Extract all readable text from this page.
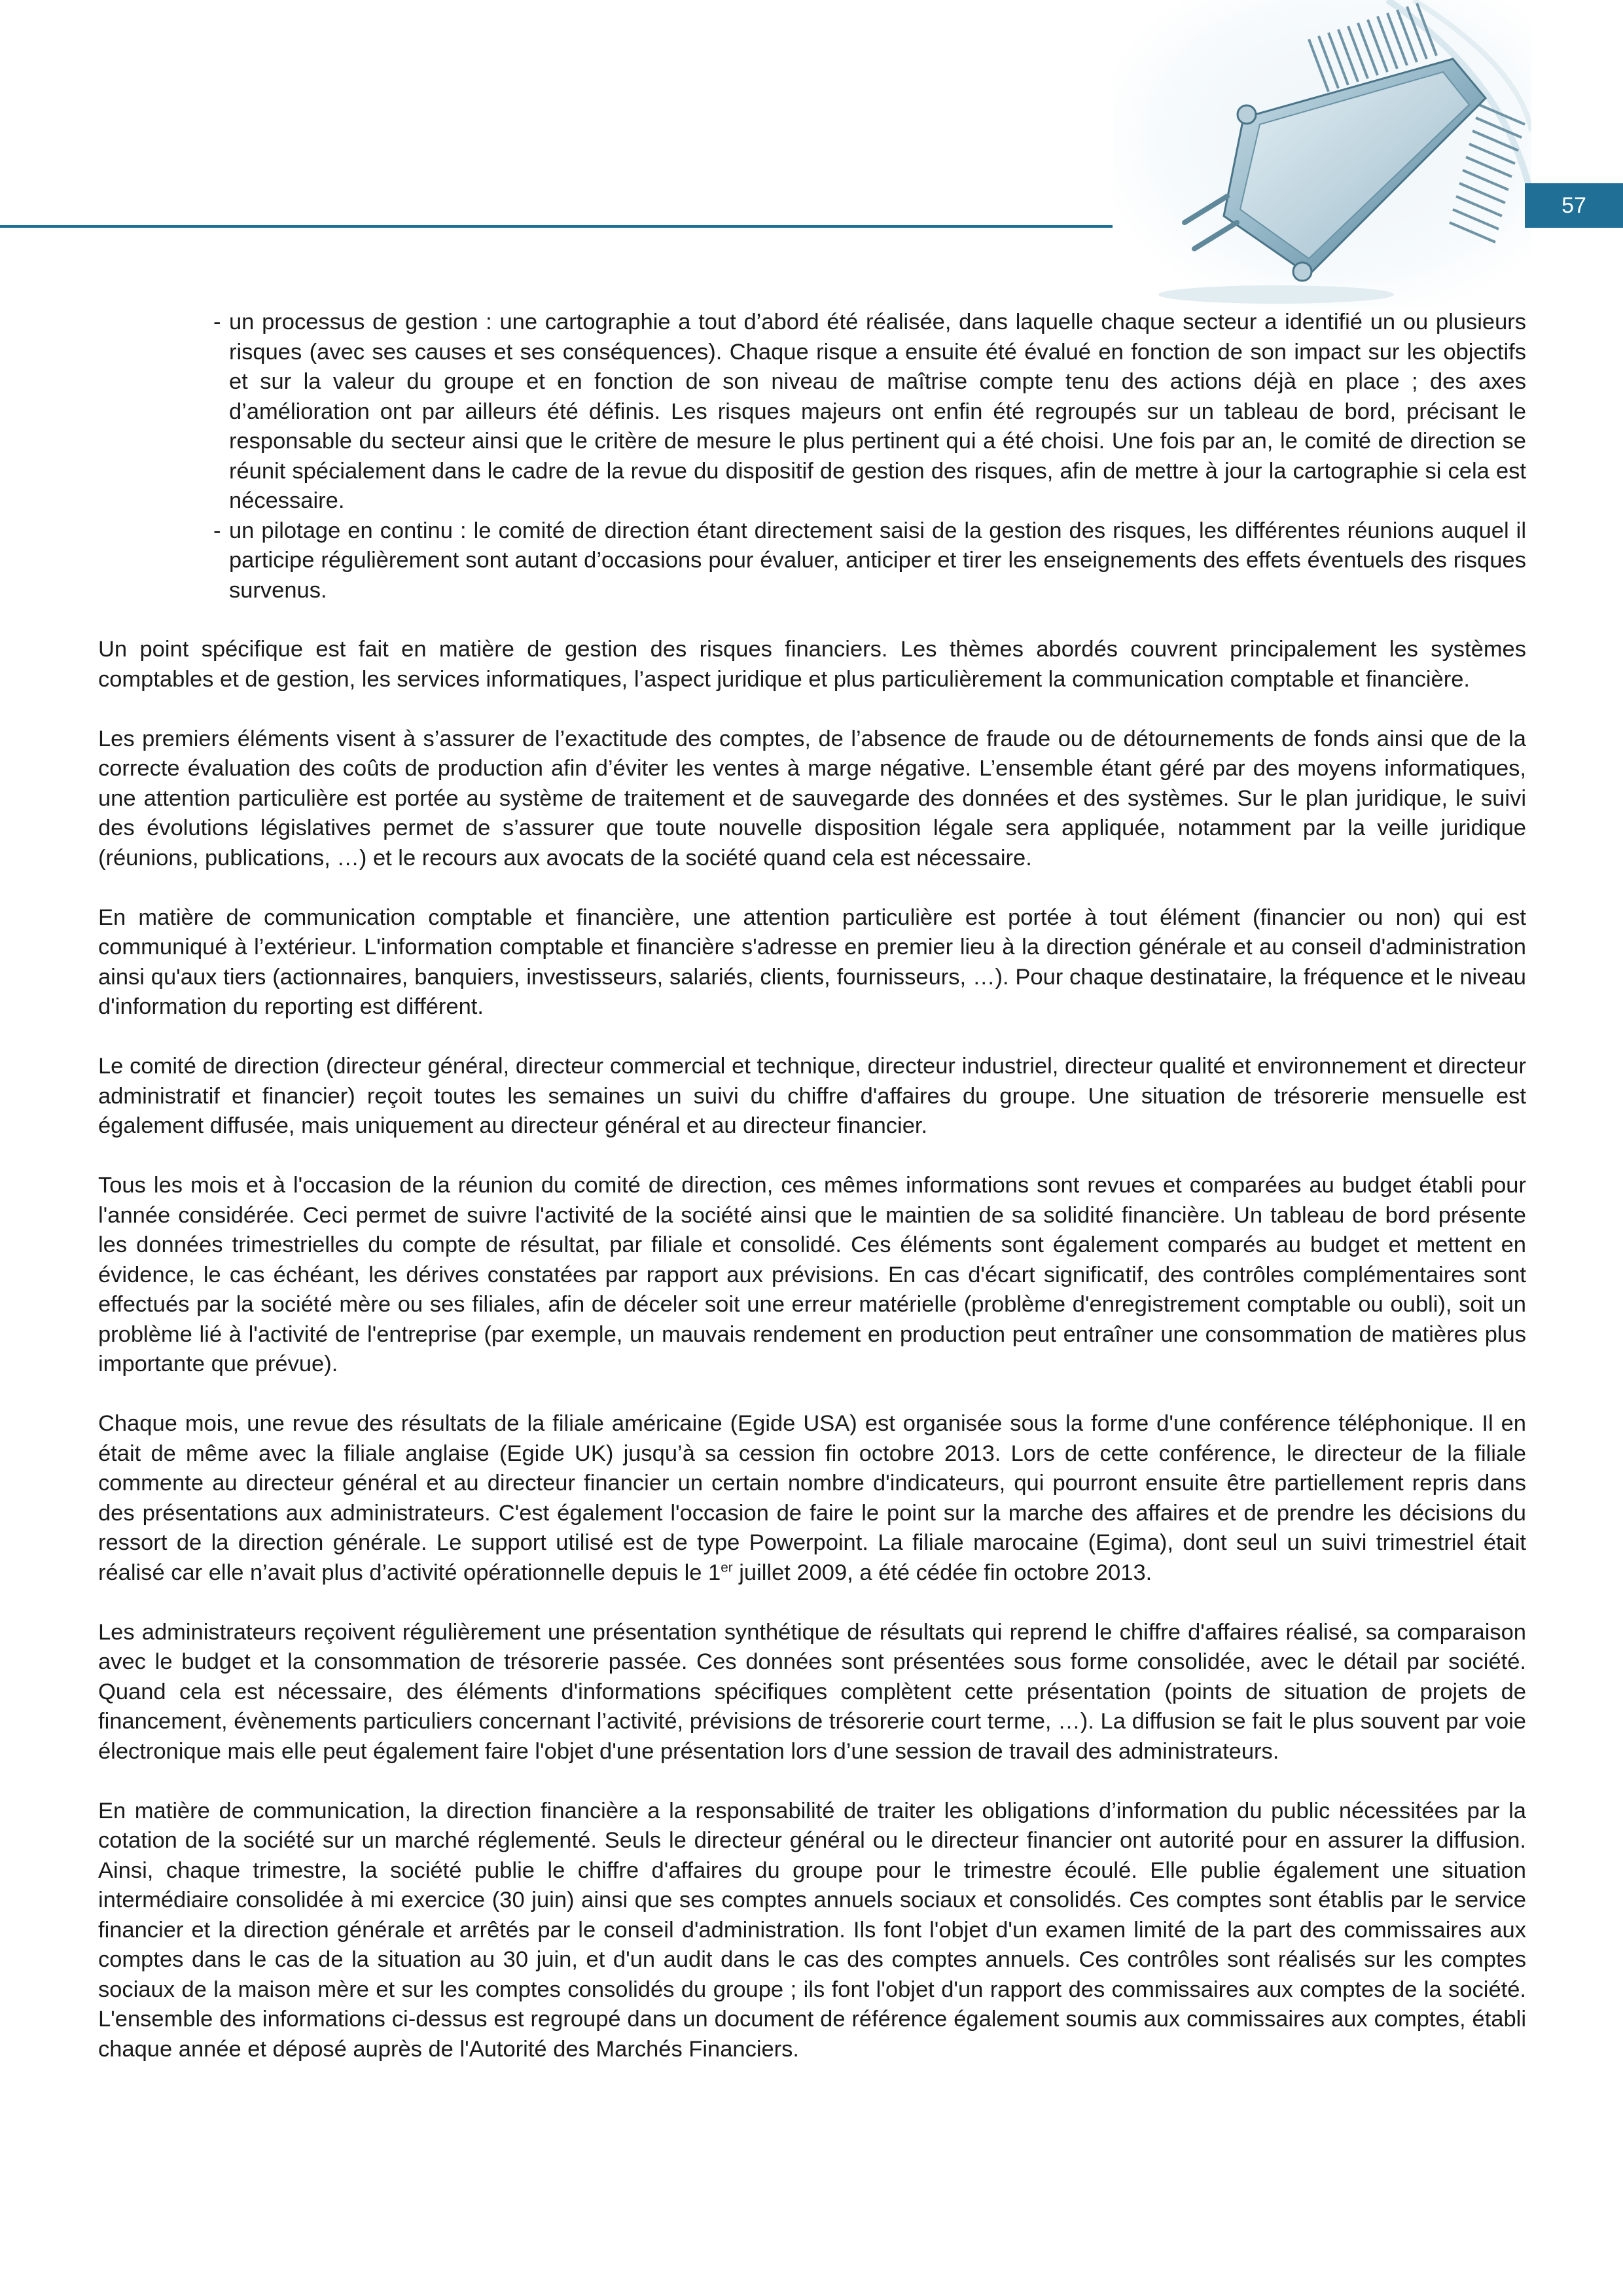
57
- un processus de gestion : une cartographie a tout d’abord été réalisée, dans laquelle chaque secteur a identifié un ou plusieurs risques (avec ses causes et ses conséquences). Chaque risque a ensuite été évalué en fonction de son impact sur les objectifs et sur la valeur du groupe et en fonction de son niveau de maîtrise compte tenu des actions déjà en place ; des axes d’amélioration ont par ailleurs été définis. Les risques majeurs ont enfin été regroupés sur un tableau de bord, précisant le responsable du secteur ainsi que le critère de mesure le plus pertinent qui a été choisi. Une fois par an, le comité de direction se réunit spécialement dans le cadre de la revue du dispositif de gestion des risques, afin de mettre à jour la cartographie si cela est nécessaire.
- un pilotage en continu : le comité de direction étant directement saisi de la gestion des risques, les différentes réunions auquel il participe régulièrement sont autant d’occasions pour évaluer, anticiper et tirer les enseignements des effets éventuels des risques survenus.

Un point spécifique est fait en matière de gestion des risques financiers. Les thèmes abordés couvrent principalement les systèmes comptables et de gestion, les services informatiques, l’aspect juridique et plus particulièrement la communication comptable et financière.

Les premiers éléments visent à s’assurer de l’exactitude des comptes, de l’absence de fraude ou de détournements de fonds ainsi que de la correcte évaluation des coûts de production afin d’éviter les ventes à marge négative. L’ensemble étant géré par des moyens informatiques, une attention particulière est portée au système de traitement et de sauvegarde des données et des systèmes. Sur le plan juridique, le suivi des évolutions législatives permet de s’assurer que toute nouvelle disposition légale sera appliquée, notamment par la veille juridique (réunions, publications, …) et le recours aux avocats de la société quand cela est nécessaire.

En matière de communication comptable et financière, une attention particulière est portée à tout élément (financier ou non) qui est communiqué à l’extérieur. L'information comptable et financière s'adresse en premier lieu à la direction générale et au conseil d'administration ainsi qu'aux tiers (actionnaires, banquiers, investisseurs, salariés, clients, fournisseurs, …). Pour chaque destinataire, la fréquence et le niveau d'information du reporting est différent.

Le comité de direction (directeur général, directeur commercial et technique, directeur industriel, directeur qualité et environnement et directeur administratif et financier) reçoit toutes les semaines un suivi du chiffre d'affaires du groupe. Une situation de trésorerie mensuelle est également diffusée, mais uniquement au directeur général et au directeur financier.

Tous les mois et à l'occasion de la réunion du comité de direction, ces mêmes informations sont revues et comparées au budget établi pour l'année considérée. Ceci permet de suivre l'activité de la société ainsi que le maintien de sa solidité financière. Un tableau de bord présente les données trimestrielles du compte de résultat, par filiale et consolidé. Ces éléments sont également comparés au budget et mettent en évidence, le cas échéant, les dérives constatées par rapport aux prévisions. En cas d'écart significatif, des contrôles complémentaires sont effectués par la société mère ou ses filiales, afin de déceler soit une erreur matérielle (problème d'enregistrement comptable ou oubli), soit un problème lié à l'activité de l'entreprise (par exemple, un mauvais rendement en production peut entraîner une consommation de matières plus importante que prévue).

Chaque mois, une revue des résultats de la filiale américaine (Egide USA) est organisée sous la forme d'une conférence téléphonique. Il en était de même avec la filiale anglaise (Egide UK) jusqu’à sa cession fin octobre 2013. Lors de cette conférence, le directeur de la filiale commente au directeur général et au directeur financier un certain nombre d'indicateurs, qui pourront ensuite être partiellement repris dans des présentations aux administrateurs. C'est également l'occasion de faire le point sur la marche des affaires et de prendre les décisions du ressort de la direction générale. Le support utilisé est de type Powerpoint. La filiale marocaine (Egima), dont seul un suivi trimestriel était réalisé car elle n’avait plus d’activité opérationnelle depuis le 1er juillet 2009, a été cédée fin octobre 2013.

Les administrateurs reçoivent régulièrement une présentation synthétique de résultats qui reprend le chiffre d'affaires réalisé, sa comparaison avec le budget et la consommation de trésorerie passée. Ces données sont présentées sous forme consolidée, avec le détail par société. Quand cela est nécessaire, des éléments d'informations spécifiques complètent cette présentation (points de situation de projets de financement, évènements particuliers concernant l’activité, prévisions de trésorerie court terme, …). La diffusion se fait le plus souvent par voie électronique mais elle peut également faire l'objet d'une présentation lors d’une session de travail des administrateurs.

En matière de communication, la direction financière a la responsabilité de traiter les obligations d’information du public nécessitées par la cotation de la société sur un marché réglementé. Seuls le directeur général ou le directeur financier ont autorité pour en assurer la diffusion. Ainsi, chaque trimestre, la société publie le chiffre d'affaires du groupe pour le trimestre écoulé. Elle publie également une situation intermédiaire consolidée à mi exercice (30 juin) ainsi que ses comptes annuels sociaux et consolidés. Ces comptes sont établis par le service financier et la direction générale et arrêtés par le conseil d'administration. Ils font l'objet d'un examen limité de la part des commissaires aux comptes dans le cas de la situation au 30 juin, et d'un audit dans le cas des comptes annuels. Ces contrôles sont réalisés sur les comptes sociaux de la maison mère et sur les comptes consolidés du groupe ; ils font l'objet d'un rapport des commissaires aux comptes de la société. L'ensemble des informations ci-dessus est regroupé dans un document de référence également soumis aux commissaires aux comptes, établi chaque année et déposé auprès de l'Autorité des Marchés Financiers.
